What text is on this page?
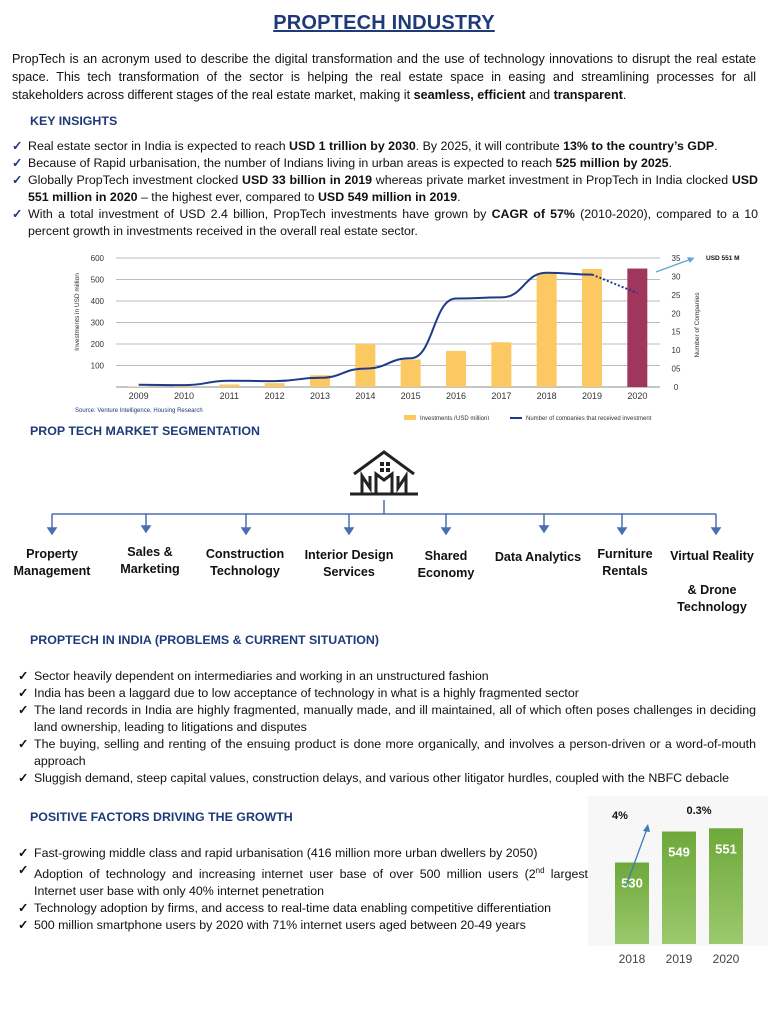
PROPTECH INDUSTRY
PropTech is an acronym used to describe the digital transformation and the use of technology innovations to disrupt the real estate space. This tech transformation of the sector is helping the real estate space in easing and streamlining processes for all stakeholders across different stages of the real estate market, making it seamless, efficient and transparent.
KEY INSIGHTS
✓ Real estate sector in India is expected to reach USD 1 trillion by 2030. By 2025, it will contribute 13% to the country’s GDP.
✓ Because of Rapid urbanisation, the number of Indians living in urban areas is expected to reach 525 million by 2025.
✓ Globally PropTech investment clocked USD 33 billion in 2019 whereas private market investment in PropTech in India clocked USD 551 million in 2020 – the highest ever, compared to USD 549 million in 2019.
✓ With a total investment of USD 2.4 billion, PropTech investments have grown by CAGR of 57% (2010-2020), compared to a 10 percent growth in investments received in the overall real estate sector.
100
200
300
400
500
600
Investments in USD million
2009	2010	2011	2012	2013	2014	2015	2016	2017	2018	2019	2020
0
05
10
15
20
25
30
35
Number of Companies
USD 551 M
Source: Venture Intelligence, Housing Research
Investments (USD million)	Number of companies that received investment
PROP TECH MARKET SEGMENTATION
Property
Management
Sales &
Marketing
Construction
Technology
Interior Design
Services
Shared
Economy
Data Analytics	Furniture
Rentals
Virtual Reality

& Drone
Technology
PROPTECH IN INDIA (PROBLEMS & CURRENT SITUATION)
✓ Sector heavily dependent on intermediaries and working in an unstructured fashion
✓ India has been a laggard due to low acceptance of technology in what is a highly fragmented sector
✓ The land records in India are highly fragmented, manually made, and ill maintained, all of which often poses challenges in deciding land ownership, leading to litigations and disputes
✓ The buying, selling and renting of the ensuing product is done more organically, and involves a person-driven or a word-of-mouth approach
✓ Sluggish demand, steep capital values, construction delays, and various other litigator hurdles, coupled with the NBFC debacle
POSITIVE FACTORS DRIVING THE GROWTH
✓ Fast-growing middle class and rapid urbanisation (416 million more urban dwellers by 2050)
✓ Adoption of technology and increasing internet user base of over 500 million users (2nd largest Internet user base with only 40% internet penetration
✓ Technology adoption by firms, and access to real-time data enabling competitive differentiation
✓ 500 million smartphone users by 2020 with 71% internet users aged between 20-49 years
530
2018
549
2019
551
2020
4%	0.3%
